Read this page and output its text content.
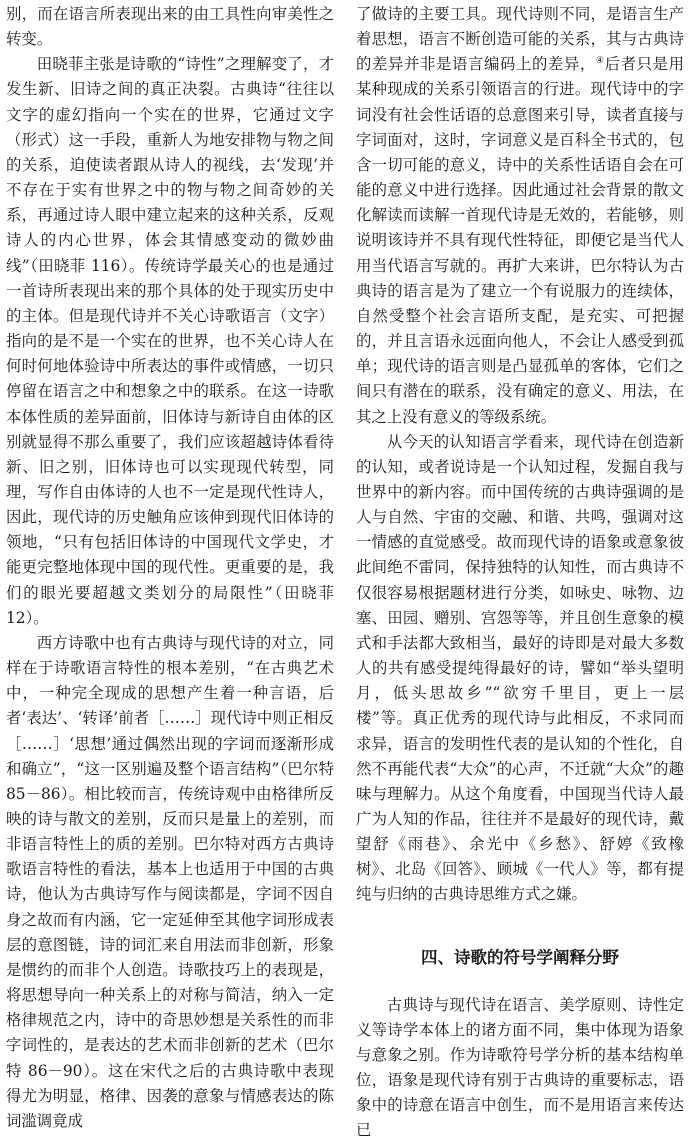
别，而在语言所表现出来的由工具性向审美性之转变。

田晓菲主张是诗歌的“诗性”之理解变了，才发生新、旧诗之间的真正决裂。古典诗“往往以文字的虚幻指向一个实在的世界，它通过文字（形式）这一手段，重新人为地安排物与物之间的关系，迫使读者跟从诗人的视线，去‘发现’并不存在于实有世界之中的物与物之间奇妙的关系，再通过诗人眼中建立起来的这种关系，反观诗人的内心世界，体会其情感变动的微妙曲线”（田晓菲 116）。传统诗学最关心的也是通过一首诗所表现出来的那个具体的处于现实历史中的主体。但是现代诗并不关心诗歌语言（文字）指向的是不是一个实在的世界，也不关心诗人在何时何地体验诗中所表达的事件或情感，一切只停留在语言之中和想象之中的联系。在这一诗歌本体性质的差异面前，旧体诗与新诗自由体的区别就显得不那么重要了，我们应该超越诗体看待新、旧之别，旧体诗也可以实现现代转型，同理，写作自由体诗的人也不一定是现代性诗人，因此，现代诗的历史触角应该伸到现代旧体诗的领地，“只有包括旧体诗的中国现代文学史，才能更完整地体现中国的现代性。更重要的是，我们的眼光要超越文类划分的局限性”（田晓菲 12）。

西方诗歌中也有古典诗与现代诗的对立，同样在于诗歌语言特性的根本差别，“在古典艺术中，一种完全现成的思想产生着一种言语，后者‘表达’、‘转译’前者［……］现代诗中则正相反［……］‘思想’通过偶然出现的字词而逐渐形成和确立”，“这一区别遍及整个语言结构”（巴尔特 85－86）。相比较而言，传统诗观中由格律所反映的诗与散文的差别，反而只是量上的差别，而非语言特性上的质的差别。巴尔特对西方古典诗歌语言特性的看法，基本上也适用于中国的古典诗，他认为古典诗写作与阅读都是，字词不因自身之故而有内涵，它一定延伸至其他字词形成表层的意图链，诗的词汇来自用法而非创新，形象是惯约的而非个人创造。诗歌技巧上的表现是，将思想导向一种关系上的对称与简洁，纳入一定格律规范之内，诗中的奇思妙想是关系性的而非字词性的，是表达的艺术而非创新的艺术（巴尔特 86－90）。这在宋代之后的古典诗歌中表现得尤为明显，格律、因袭的意象与情感表达的陈词滥调竟成

了做诗的主要工具。现代诗则不同，是语言生产着思想，语言不断创造可能的关系，其与古典诗的差异并非是语言编码上的差异，④后者只是用某种现成的关系引领语言的行进。现代诗中的字词没有社会性话语的总意图来引导，读者直接与字词面对，这时，字词意义是百科全书式的，包含一切可能的意义，诗中的关系性话语自会在可能的意义中进行选择。因此通过社会背景的散文化解读而读解一首现代诗是无效的，若能够，则说明该诗并不具有现代性特征，即便它是当代人用当代语言写就的。再扩大来讲，巴尔特认为古典诗的语言是为了建立一个有说服力的连续体，自然受整个社会言语所支配，是充实、可把握的，并且言语永远面向他人，不会让人感受到孤单；现代诗的语言则是凸显孤单的客体，它们之间只有潜在的联系，没有确定的意义、用法，在其之上没有意义的等级系统。

从今天的认知语言学看来，现代诗在创造新的认知，或者说诗是一个认知过程，发掘自我与世界中的新内容。而中国传统的古典诗强调的是人与自然、宇宙的交融、和谐、共鸣，强调对这一情感的直觉感受。故而现代诗的语象或意象彼此间绝不雷同，保持独特的认知性，而古典诗不仅很容易根据题材进行分类，如咏史、咏物、边塞、田园、赠别、宫怨等等，并且创生意象的模式和手法都大致相当，最好的诗即是对最大多数人的共有感受提纯得最好的诗，譬如“举头望明月，低头思故乡”“欲穷千里目，更上一层楼”等。真正优秀的现代诗与此相反，不求同而求异，语言的发明性代表的是认知的个性化，自然不再能代表“大众”的心声，不迁就“大众”的趣味与理解力。从这个角度看，中国现当代诗人最广为人知的作品，往往并不是最好的现代诗，戴望舒《雨巷》、余光中《乡愁》、舒婷《致橡树》、北岛《回答》、顾城《一代人》等，都有提纯与归纳的古典诗思维方式之嫌。

四、诗歌的符号学阐释分野

古典诗与现代诗在语言、美学原则、诗性定义等诗学本体上的诸方面不同，集中体现为语象与意象之别。作为诗歌符号学分析的基本结构单位，语象是现代诗有别于古典诗的重要标志，语象中的诗意在语言中创生，而不是用语言来传达已
